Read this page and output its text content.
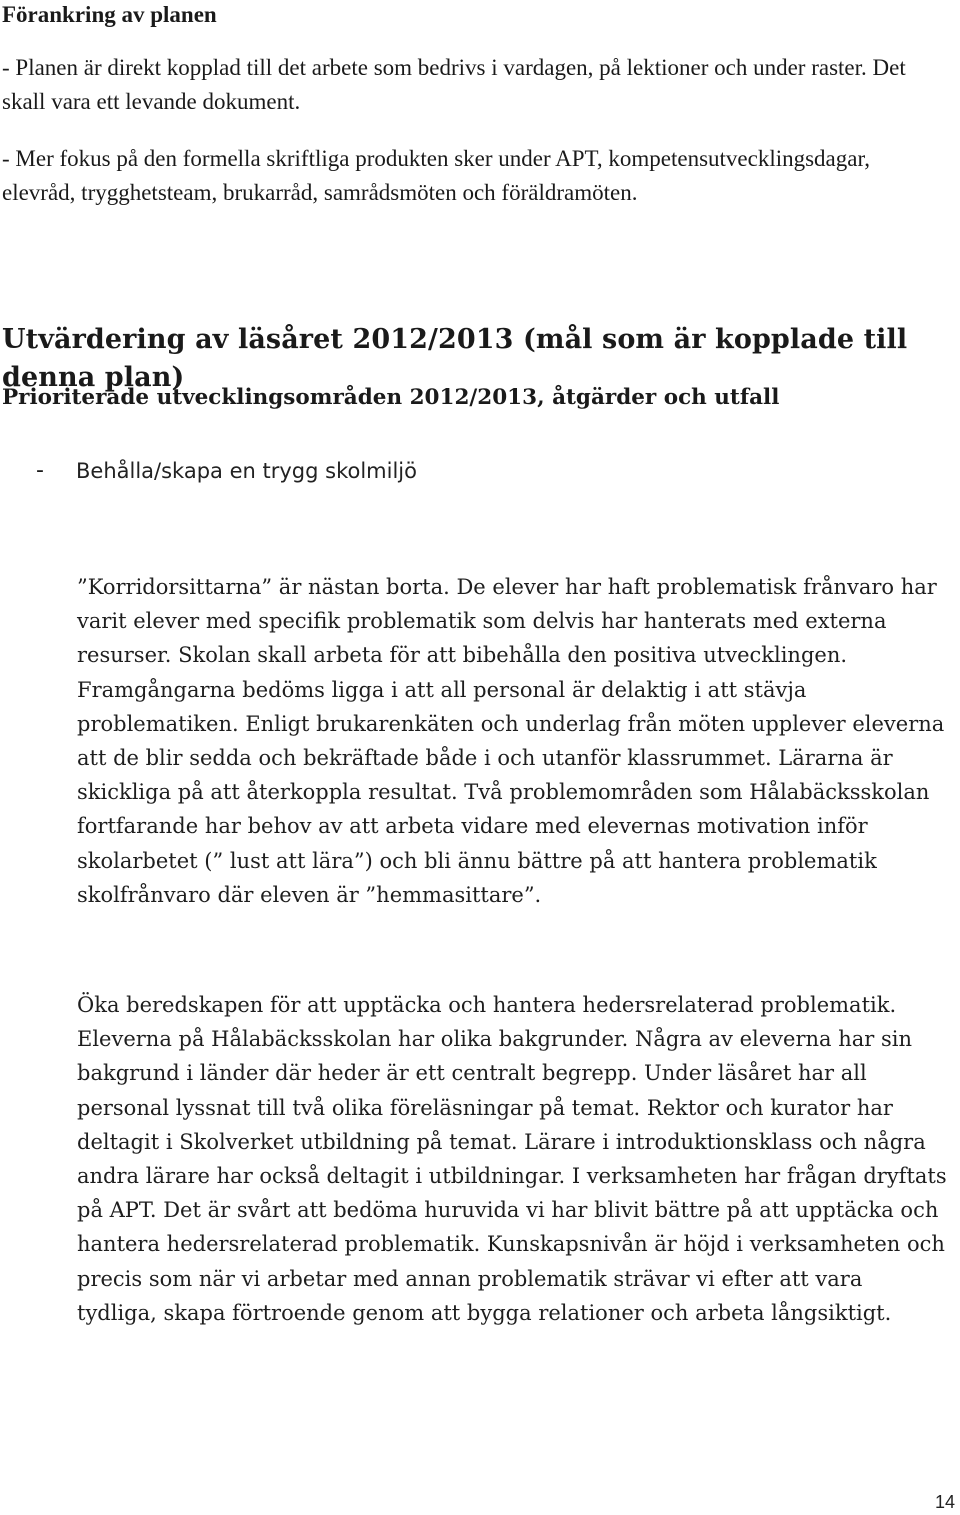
Förankring av planen

- Planen är direkt kopplad till det arbete som bedrivs i vardagen, på lektioner och under raster. Det skall vara ett levande dokument.

- Mer fokus på den formella skriftliga produkten sker under APT, kompetensutvecklingsdagar, elevråd, trygghetsteam, brukarråd, samrådsmöten och föräldramöten.

Utvärdering av läsåret 2012/2013 (mål som är kopplade till denna plan)
Prioriterade utvecklingsområden 2012/2013, åtgärder och utfall
- Behålla/skapa en trygg skolmiljö

”Korridorsittarna” är nästan borta. De elever har haft problematisk frånvaro har varit elever med specifik problematik som delvis har hanterats med externa resurser. Skolan skall arbeta för att bibehålla den positiva utvecklingen. Framgångarna bedöms ligga i att all personal är delaktig i att stävja problematiken. Enligt brukarenkäten och underlag från möten upplever eleverna att de blir sedda och bekräftade både i och utanför klassrummet. Lärarna är skickliga på att återkoppla resultat. Två problemområden som Hålabäcksskolan fortfarande har behov av att arbeta vidare med elevernas motivation inför skolarbetet (” lust att lära”) och bli ännu bättre på att hantera problematik skolfrånvaro där eleven är ”hemmasittare”.

Öka beredskapen för att upptäcka och hantera hedersrelaterad problematik. Eleverna på Hålabäcksskolan har olika bakgrunder. Några av eleverna har sin bakgrund i länder där heder är ett centralt begrepp. Under läsåret har all personal lyssnat till två olika föreläsningar på temat. Rektor och kurator har deltagit i Skolverket utbildning på temat. Lärare i introduktionsklass och några andra lärare har också deltagit i utbildningar. I verksamheten har frågan dryftats på APT. Det är svårt att bedöma huruvida vi har blivit bättre på att upptäcka och hantera hedersrelaterad problematik. Kunskapsnivån är höjd i verksamheten och precis som när vi arbetar med annan problematik strävar vi efter att vara tydliga, skapa förtroende genom att bygga relationer och arbeta långsiktigt.

14
